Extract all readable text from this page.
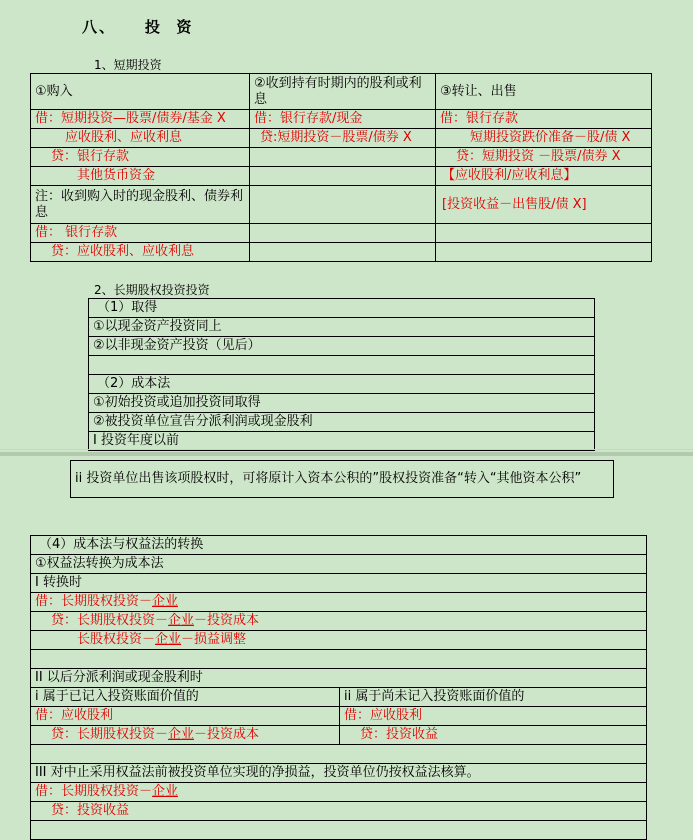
八、    投  资
1、短期投资
①购入	②收到持有时期内的股利或利息	③转让、出售
借：短期投资—股票/债券/基金 X	借：银行存款/现金	借：银行存款
应收股利、应收利息	贷:短期投资－股票/债券 X	短期投资跌价准备－股/债 X
贷：银行存款		贷：短期投资 －股票/债券 X
其他货币资金		【应收股利/应收利息】
注：收到购入时的现金股利、债券利息		[投资收益－出售股/债 X]
借： 银行存款		
贷：应收股利、应收利息		
2、长期股权投资投资
（1）取得
①以现金资产投资同上
②以非现金资产投资（见后）

（2）成本法
①初始投资或追加投资同取得
②被投资单位宣告分派利润或现金股利
I 投资年度以前
ii 投资单位出售该项股权时，可将原计入资本公积的”股权投资准备“转入“其他资本公积”
（4）成本法与权益法的转换	
①权益法转换为成本法	
I 转换时	
借：长期股权投资－企业	
贷：长期股权投资－企业－投资成本	
长股权投资－企业－损益调整	

II 以后分派利润或现金股利时	
i 属于已记入投资账面价值的	ii 属于尚未记入投资账面价值的
借：应收股利	借：应收股利
贷：长期股权投资－企业－投资成本	贷：投资收益

III 对中止采用权益法前被投资单位实现的净损益，投资单位仍按权益法核算。	
借：长期股权投资－企业	
贷：投资收益	
